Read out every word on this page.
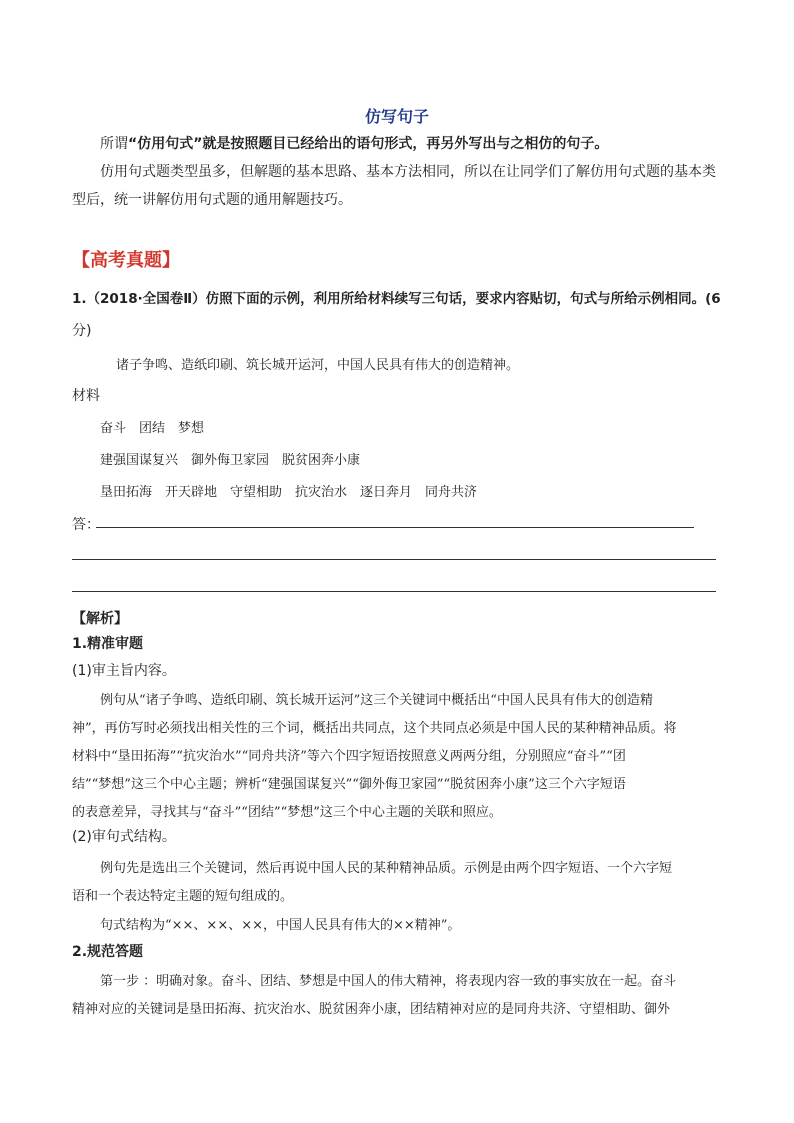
仿写句子
所谓“仿用句式”就是按照题目已经给出的语句形式，再另外写出与之相仿的句子。
仿用句式题类型虽多，但解题的基本思路、基本方法相同，所以在让同学们了解仿用句式题的基本类
型后，统一讲解仿用句式题的通用解题技巧。
【高考真题】
1.（2018·全国卷Ⅱ）仿照下面的示例，利用所给材料续写三句话，要求内容贴切，句式与所给示例相同。(6
分)
诸子争鸣、造纸印刷、筑长城开运河，中国人民具有伟大的创造精神。
材料
奋斗　团结　梦想
建强国谋复兴　御外侮卫家园　脱贫困奔小康
垦田拓海　开天辟地　守望相助　抗灾治水　逐日奔月　同舟共济
答：
【解析】
1.精准审题
(1)审主旨内容。
例句从“诸子争鸣、造纸印刷、筑长城开运河”这三个关键词中概括出“中国人民具有伟大的创造精
神”，再仿写时必须找出相关性的三个词，概括出共同点，这个共同点必须是中国人民的某种精神品质。将
材料中“垦田拓海”“抗灾治水”“同舟共济”等六个四字短语按照意义两两分组，分别照应“奋斗”“团
结”“梦想”这三个中心主题；辨析“建强国谋复兴”“御外侮卫家园”“脱贫困奔小康”这三个六字短语
的表意差异，寻找其与“奋斗”“团结”“梦想”这三个中心主题的关联和照应。
(2)审句式结构。
例句先是选出三个关键词，然后再说中国人民的某种精神品质。示例是由两个四字短语、一个六字短
语和一个表达特定主题的短句组成的。
句式结构为“××、××、××，中国人民具有伟大的××精神”。
2.规范答题
第一步 ：明确对象。奋斗、团结、梦想是中国人的伟大精神，将表现内容一致的事实放在一起。奋斗
精神对应的关键词是垦田拓海、抗灾治水、脱贫困奔小康，团结精神对应的是同舟共济、守望相助、御外
